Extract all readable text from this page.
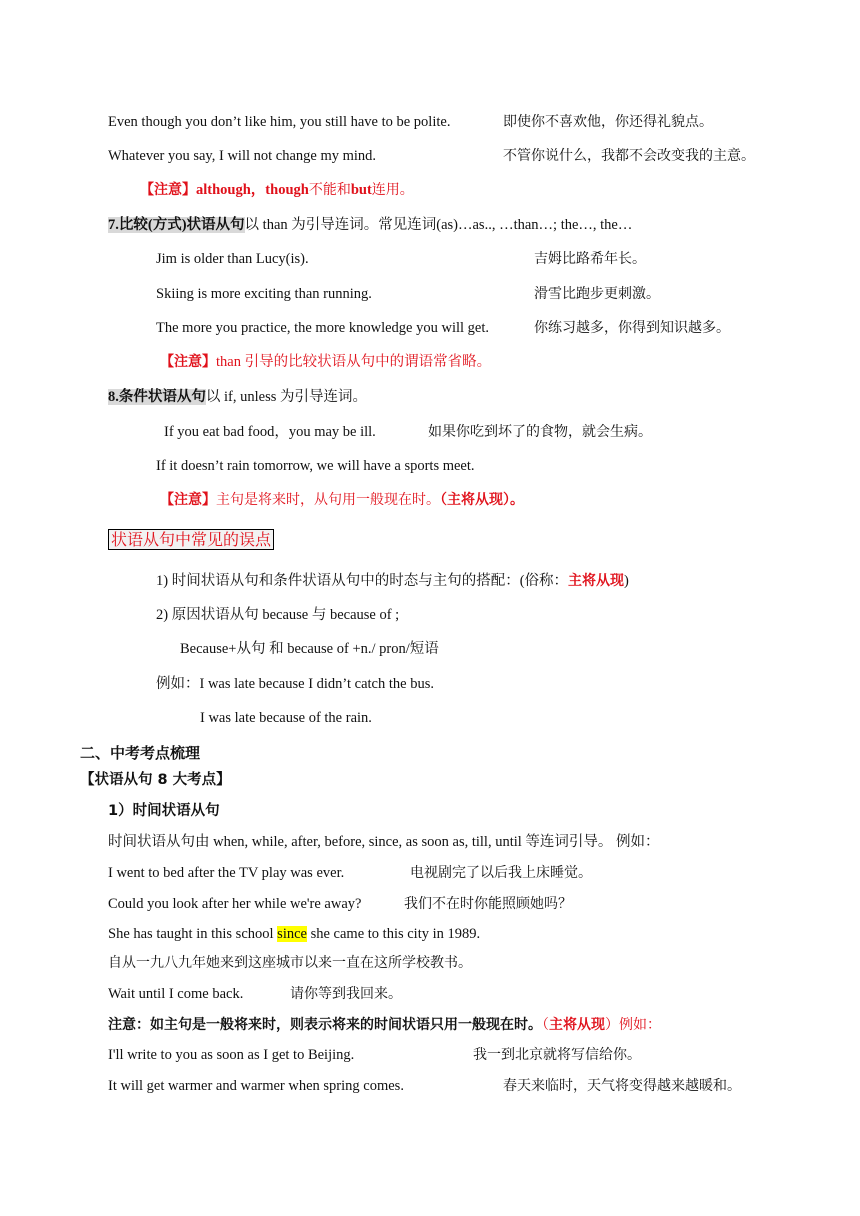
Even though you don’t like him, you still have to be polite.	即使你不喜欢他，你还得礼貌点。
Whatever you say, I will not change my mind.	不管你说什么，我都不会改变我的主意。
【注意】although，though不能和but连用。
7.比较(方式)状语从句以 than 为引导连词。常见连词(as)…as.., …than…; the…, the…
Jim is older than Lucy(is).	吉姆比路希年长。
Skiing is more exciting than running.	滑雪比跑步更刺激。
The more you practice, the more knowledge you will get.	你练习越多，你得到知识越多。
【注意】than 引导的比较状语从句中的谓语常省略。
8.条件状语从句以 if, unless 为引导连词。
If you eat bad food，you may be ill.	如果你吃到坏了的食物，就会生病。
If it doesn’t rain tomorrow, we will have a sports meet.
【注意】主句是将来时，从句用一般现在时。（主将从现）。
状语从句中常见的误点
1) 时间状语从句和条件状语从句中的时态与主句的搭配：(俗称：主将从现)
2) 原因状语从句 because 与 because of ;
Because+从句 和 because of +n./ pron/短语
例如：I was late because I didn’t catch the bus.
I was late because of the rain.
二、中考考点梳理
【状语从句 8 大考点】
1）时间状语从句
时间状语从句由 when, while, after, before, since, as soon as, till, until 等连词引导。 例如：
I went to bed after the TV play was ever.	电视剧完了以后我上床睡觉。
Could you look after her while we're away?	我们不在时你能照顾她吗？
She has taught in this school since she came to this city in 1989.
自从一九八九年她来到这座城市以来一直在这所学校教书。
Wait until I come back.	请你等到我回来。
注意：如主句是一般将来时，则表示将来的时间状语只用一般现在时。（主将从现）例如：
I'll write to you as soon as I get to Beijing.	我一到北京就将写信给你。
It will get warmer and warmer when spring comes.	春天来临时，天气将变得越来越暖和。
